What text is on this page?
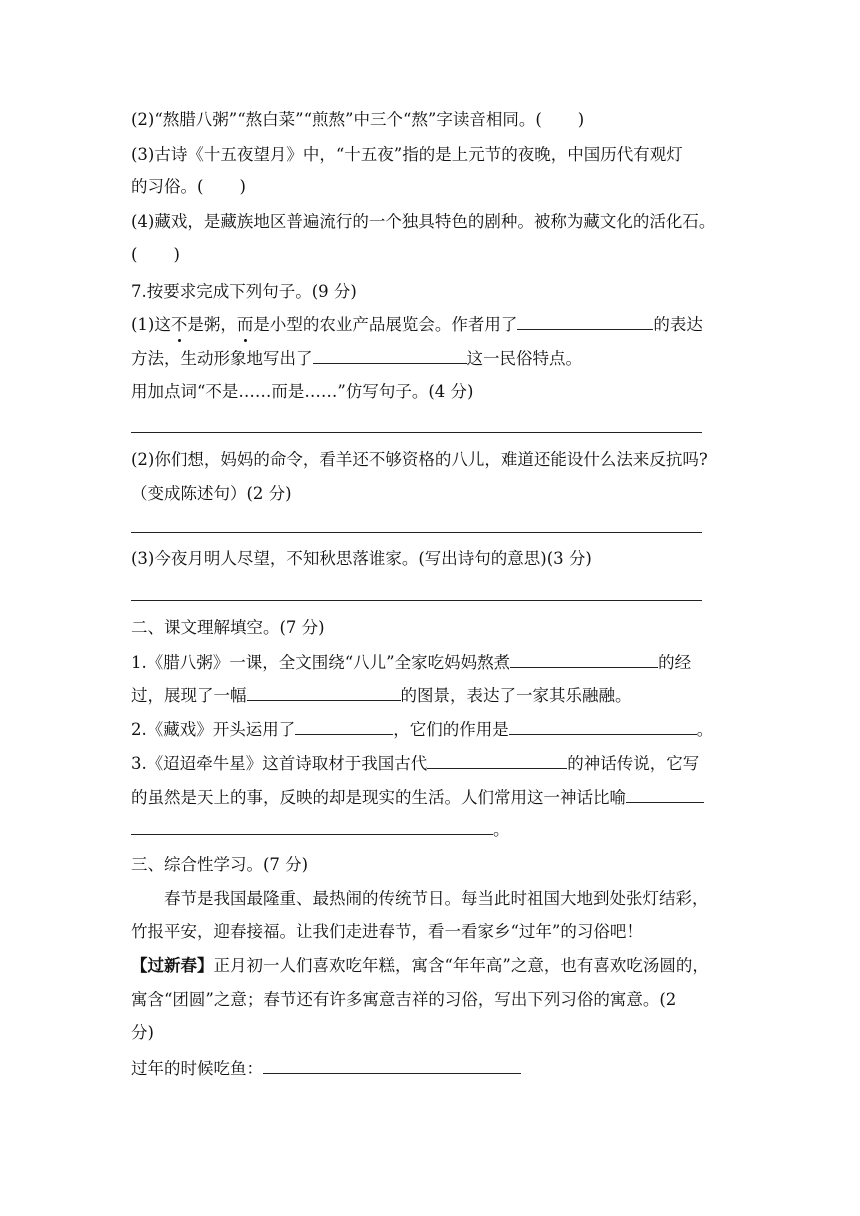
(2)“熬腊八粥”“熬白菜”“煎熬”中三个“熬”字读音相同。( )
(3)古诗《十五夜望月》中，“十五夜”指的是上元节的夜晚，中国历代有观灯
的习俗。( )
(4)藏戏，是藏族地区普遍流行的一个独具特色的剧种。被称为藏文化的活化石。
( )
7.按要求完成下列句子。(9 分)
(1)这不是粥，而是小型的农业产品展览会。作者用了	的表达
方法，生动形象地写出了	这一民俗特点。
用加点词“不是……而是……”仿写句子。(4 分)
(2)你们想，妈妈的命令，看羊还不够资格的八儿，难道还能设什么法来反抗吗?
（变成陈述句）(2 分)
(3)今夜月明人尽望，不知秋思落谁家。(写出诗句的意思)(3 分)
二、课文理解填空。(7 分)
1.《腊八粥》一课，全文围绕“八儿”全家吃妈妈熬煮	的经
过，展现了一幅	的图景，表达了一家其乐融融。
2.《藏戏》开头运用了	，它们的作用是	。
3.《迢迢牵牛星》这首诗取材于我国古代	的神话传说，它写
的虽然是天上的事，反映的却是现实的生活。人们常用这一神话比喻
。
三、综合性学习。(7 分)
春节是我国最隆重、最热闹的传统节日。每当此时祖国大地到处张灯结彩，
竹报平安，迎春接福。让我们走进春节，看一看家乡“过年”的习俗吧！
【过新春】正月初一人们喜欢吃年糕，寓含“年年高”之意，也有喜欢吃汤圆的，
寓含“团圆”之意；春节还有许多寓意吉祥的习俗，写出下列习俗的寓意。(2
分)
过年的时候吃鱼：
